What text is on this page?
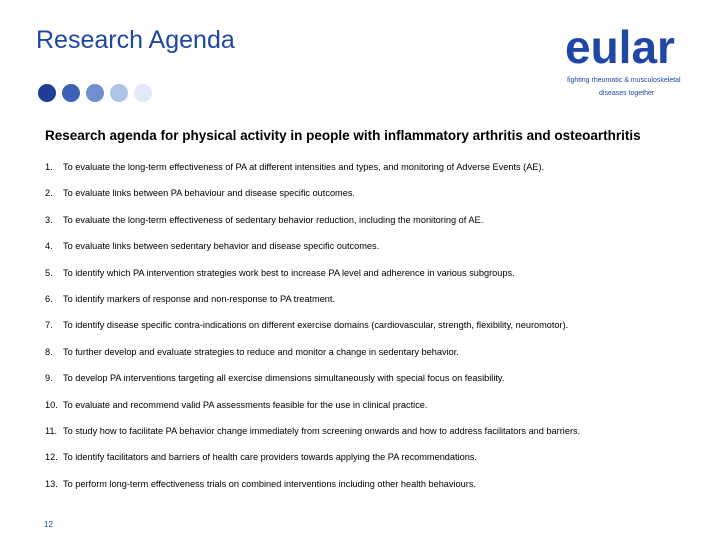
Research Agenda	eular
fighting rheumatic & musculoskeletal
diseases together
Research agenda for physical activity in people with inflammatory arthritis and osteoarthritis
1.	To evaluate the long-term effectiveness of PA at different intensities and types, and monitoring of Adverse Events (AE).
2.	To evaluate links between PA behaviour and disease specific outcomes.
3.	To evaluate the long-term effectiveness of sedentary behavior reduction, including the monitoring of AE.
4.	To evaluate links between sedentary behavior and disease specific outcomes.
5.	To identify which PA intervention strategies work best to increase PA level and adherence in various subgroups.
6.	To identify markers of response and non-response to PA treatment.
7.	To identify disease specific contra-indications on different exercise domains (cardiovascular, strength, flexibility, neuromotor).
8.	To further develop and evaluate strategies to reduce and monitor a change in sedentary behavior.
9.	To develop PA interventions targeting all exercise dimensions simultaneously with special focus on feasibility.
10. To evaluate and recommend valid PA assessments feasible for the use in clinical practice.
11. To study how to facilitate PA behavior change immediately from screening onwards and how to address facilitators and barriers.
12. To identify facilitators and barriers of health care providers towards applying the PA recommendations.
13. To perform long-term effectiveness trials on combined interventions including other health behaviours.
12
